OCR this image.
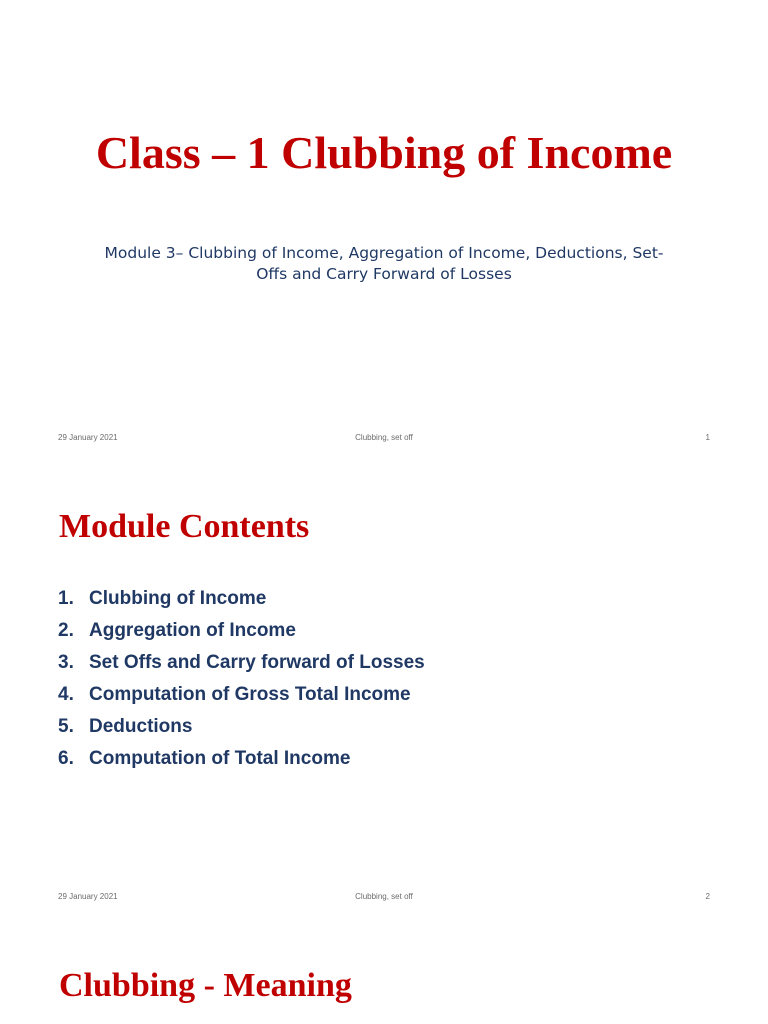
Class – 1 Clubbing of Income

Module 3– Clubbing of Income, Aggregation of Income, Deductions, Set-Offs and Carry Forward of Losses

29 January 2021	Clubbing, set off	1
Module Contents
1. Clubbing of Income
2. Aggregation of Income
3. Set Offs and Carry forward of Losses
4. Computation of Gross Total Income
5. Deductions
6. Computation of Total Income
29 January 2021	Clubbing, set off	2
Clubbing - Meaning
